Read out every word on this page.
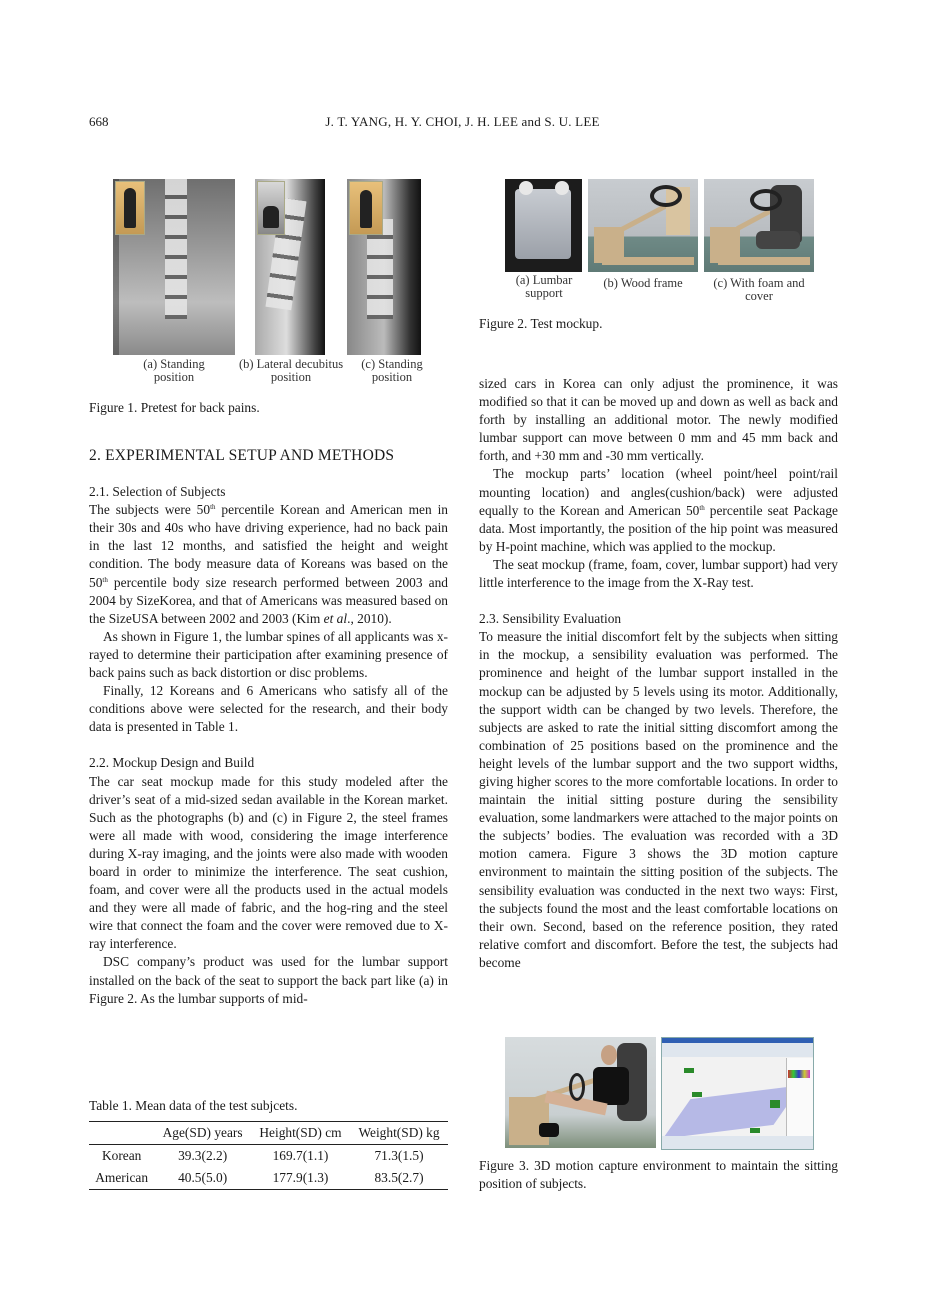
668	J. T. YANG, H. Y. CHOI, J. H. LEE and S. U. LEE
(a) Standing
position
(b) Lateral decubitus
position
(c) Standing
position
Figure 1. Pretest for back pains.
(a) Lumbar
support
(b) Wood frame	(c) With foam and
cover
Figure 2. Test mockup.

2. EXPERIMENTAL SETUP AND METHODS

2.1. Selection of Subjects

The subjects were 50th percentile Korean and American men in their 30s and 40s who have driving experience, had no back pain in the last 12 months, and satisfied the height and weight condition. The body measure data of Koreans was based on the 50th percentile body size research performed between 2003 and 2004 by SizeKorea, and that of Americans was measured based on the SizeUSA between 2002 and 2003 (Kim et al., 2010).

As shown in Figure 1, the lumbar spines of all applicants was x-rayed to determine their participation after examining presence of back pains such as back distortion or disc problems.

Finally, 12 Koreans and 6 Americans who satisfy all of the conditions above were selected for the research, and their body data is presented in Table 1.

2.2. Mockup Design and Build

The car seat mockup made for this study modeled after the driver’s seat of a mid-sized sedan available in the Korean market. Such as the photographs (b) and (c) in Figure 2, the steel frames were all made with wood, considering the image interference during X-ray imaging, and the joints were also made with wooden board in order to minimize the interference. The seat cushion, foam, and cover were all the products used in the actual models and they were all made of fabric, and the hog-ring and the steel wire that connect the foam and the cover were removed due to X-ray interference.

DSC company’s product was used for the lumbar support installed on the back of the seat to support the back part like (a) in Figure 2. As the lumbar supports of mid-

Table 1. Mean data of the test subjcets.
	Age(SD) years	Height(SD) cm	Weight(SD) kg
Korean	39.3(2.2)	169.7(1.1)	71.3(1.5)
American	40.5(5.0)	177.9(1.3)	83.5(2.7)

sized cars in Korea can only adjust the prominence, it was modified so that it can be moved up and down as well as back and forth by installing an additional motor. The newly modified lumbar support can move between 0 mm and 45 mm back and forth, and +30 mm and -30 mm vertically.

The mockup parts’ location (wheel point/heel point/rail mounting location) and angles(cushion/back) were adjusted equally to the Korean and American 50th percentile seat Package data. Most importantly, the position of the hip point was measured by H-point machine, which was applied to the mockup.

The seat mockup (frame, foam, cover, lumbar support) had very little interference to the image from the X-Ray test.

2.3. Sensibility Evaluation

To measure the initial discomfort felt by the subjects when sitting in the mockup, a sensibility evaluation was performed. The prominence and height of the lumbar support installed in the mockup can be adjusted by 5 levels using its motor. Additionally, the support width can be changed by two levels. Therefore, the subjects are asked to rate the initial sitting discomfort among the combination of 25 positions based on the prominence and the height levels of the lumbar support and the two support widths, giving higher scores to the more comfortable locations. In order to maintain the initial sitting posture during the sensibility evaluation, some landmarkers were attached to the major points on the subjects’ bodies. The evaluation was recorded with a 3D motion camera. Figure 3 shows the 3D motion capture environment to maintain the sitting position of the subjects. The sensibility evaluation was conducted in the next two ways: First, the subjects found the most and the least comfortable locations on their own. Second, based on the reference position, they rated relative comfort and discomfort. Before the test, the subjects had become

Figure 3. 3D motion capture environment to maintain the sitting position of subjects.
